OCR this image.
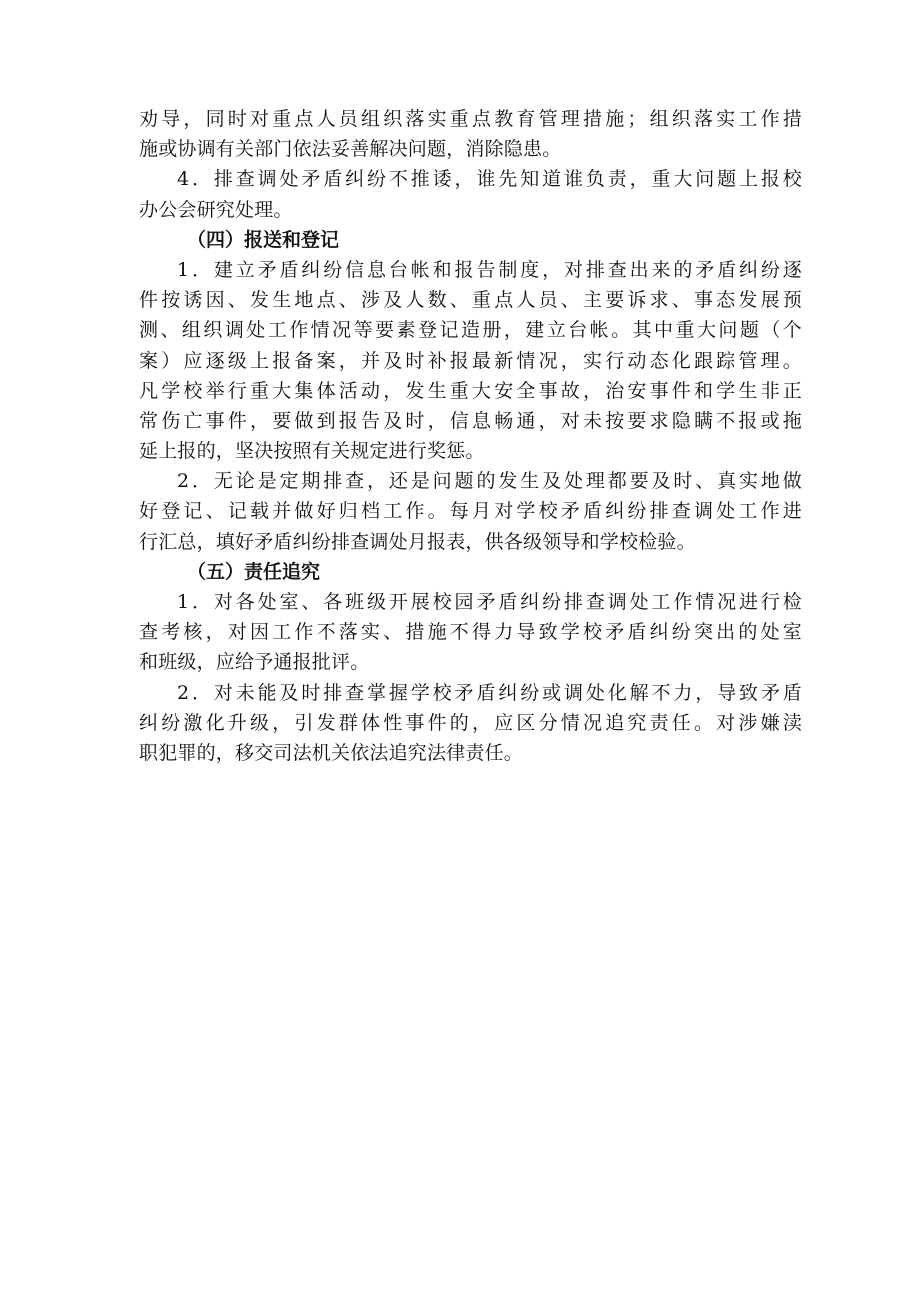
劝导，同时对重点人员组织落实重点教育管理措施；组织落实工作措
施或协调有关部门依法妥善解决问题，消除隐患。
4．排查调处矛盾纠纷不推诿，谁先知道谁负责，重大问题上报校
办公会研究处理。
（四）报送和登记
1．建立矛盾纠纷信息台帐和报告制度，对排查出来的矛盾纠纷逐
件按诱因、发生地点、涉及人数、重点人员、主要诉求、事态发展预
测、组织调处工作情况等要素登记造册，建立台帐。其中重大问题（个
案）应逐级上报备案，并及时补报最新情况，实行动态化跟踪管理。
凡学校举行重大集体活动，发生重大安全事故，治安事件和学生非正
常伤亡事件，要做到报告及时，信息畅通，对未按要求隐瞒不报或拖
延上报的，坚决按照有关规定进行奖惩。
2．无论是定期排查，还是问题的发生及处理都要及时、真实地做
好登记、记载并做好归档工作。每月对学校矛盾纠纷排查调处工作进
行汇总，填好矛盾纠纷排查调处月报表，供各级领导和学校检验。
（五）责任追究
1．对各处室、各班级开展校园矛盾纠纷排查调处工作情况进行检
查考核，对因工作不落实、措施不得力导致学校矛盾纠纷突出的处室
和班级，应给予通报批评。
2．对未能及时排查掌握学校矛盾纠纷或调处化解不力，导致矛盾
纠纷激化升级，引发群体性事件的，应区分情况追究责任。对涉嫌渎
职犯罪的，移交司法机关依法追究法律责任。
